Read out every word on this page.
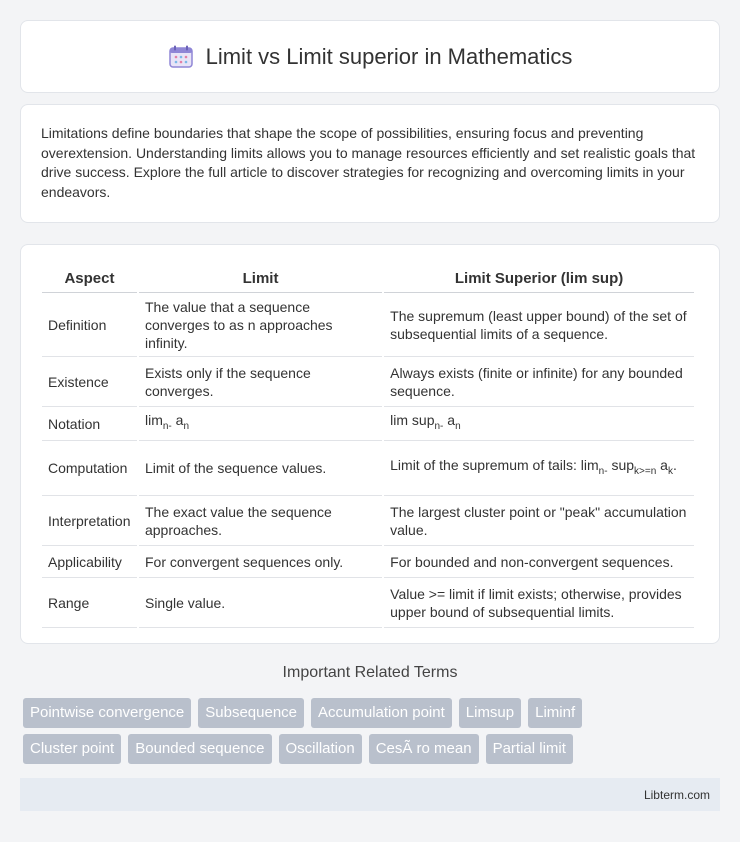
Limit vs Limit superior in Mathematics

Limitations define boundaries that shape the scope of possibilities, ensuring focus and preventing overextension. Understanding limits allows you to manage resources efficiently and set realistic goals that drive success. Explore the full article to discover strategies for recognizing and overcoming limits in your endeavors.

Aspect	Limit	Limit Superior (lim sup)
Definition	The value that a sequence converges to as n approaches infinity.	The supremum (least upper bound) of the set of subsequential limits of a sequence.
Existence	Exists only if the sequence converges.	Always exists (finite or infinite) for any bounded sequence.
Notation	$\lim_{n-} a_n$	lim sup$_{n-}$ $a_n$
Computation	Limit of the sequence values.	Limit of the supremum of tails: $\lim_{n-} sup_{k>=n}$ $a_k$.
Interpretation	The exact value the sequence approaches.	The largest cluster point or "peak" accumulation value.
Applicability	For convergent sequences only.	For bounded and non-convergent sequences.
Range	Single value.	Value >= limit if limit exists; otherwise, provides upper bound of subsequential limits.
Important Related Terms
Pointwise convergence	Subsequence	Accumulation point	Limsup	Liminf
Cluster point	Bounded sequence	Oscillation	CesÃ ro mean	Partial limit
Libterm.com
